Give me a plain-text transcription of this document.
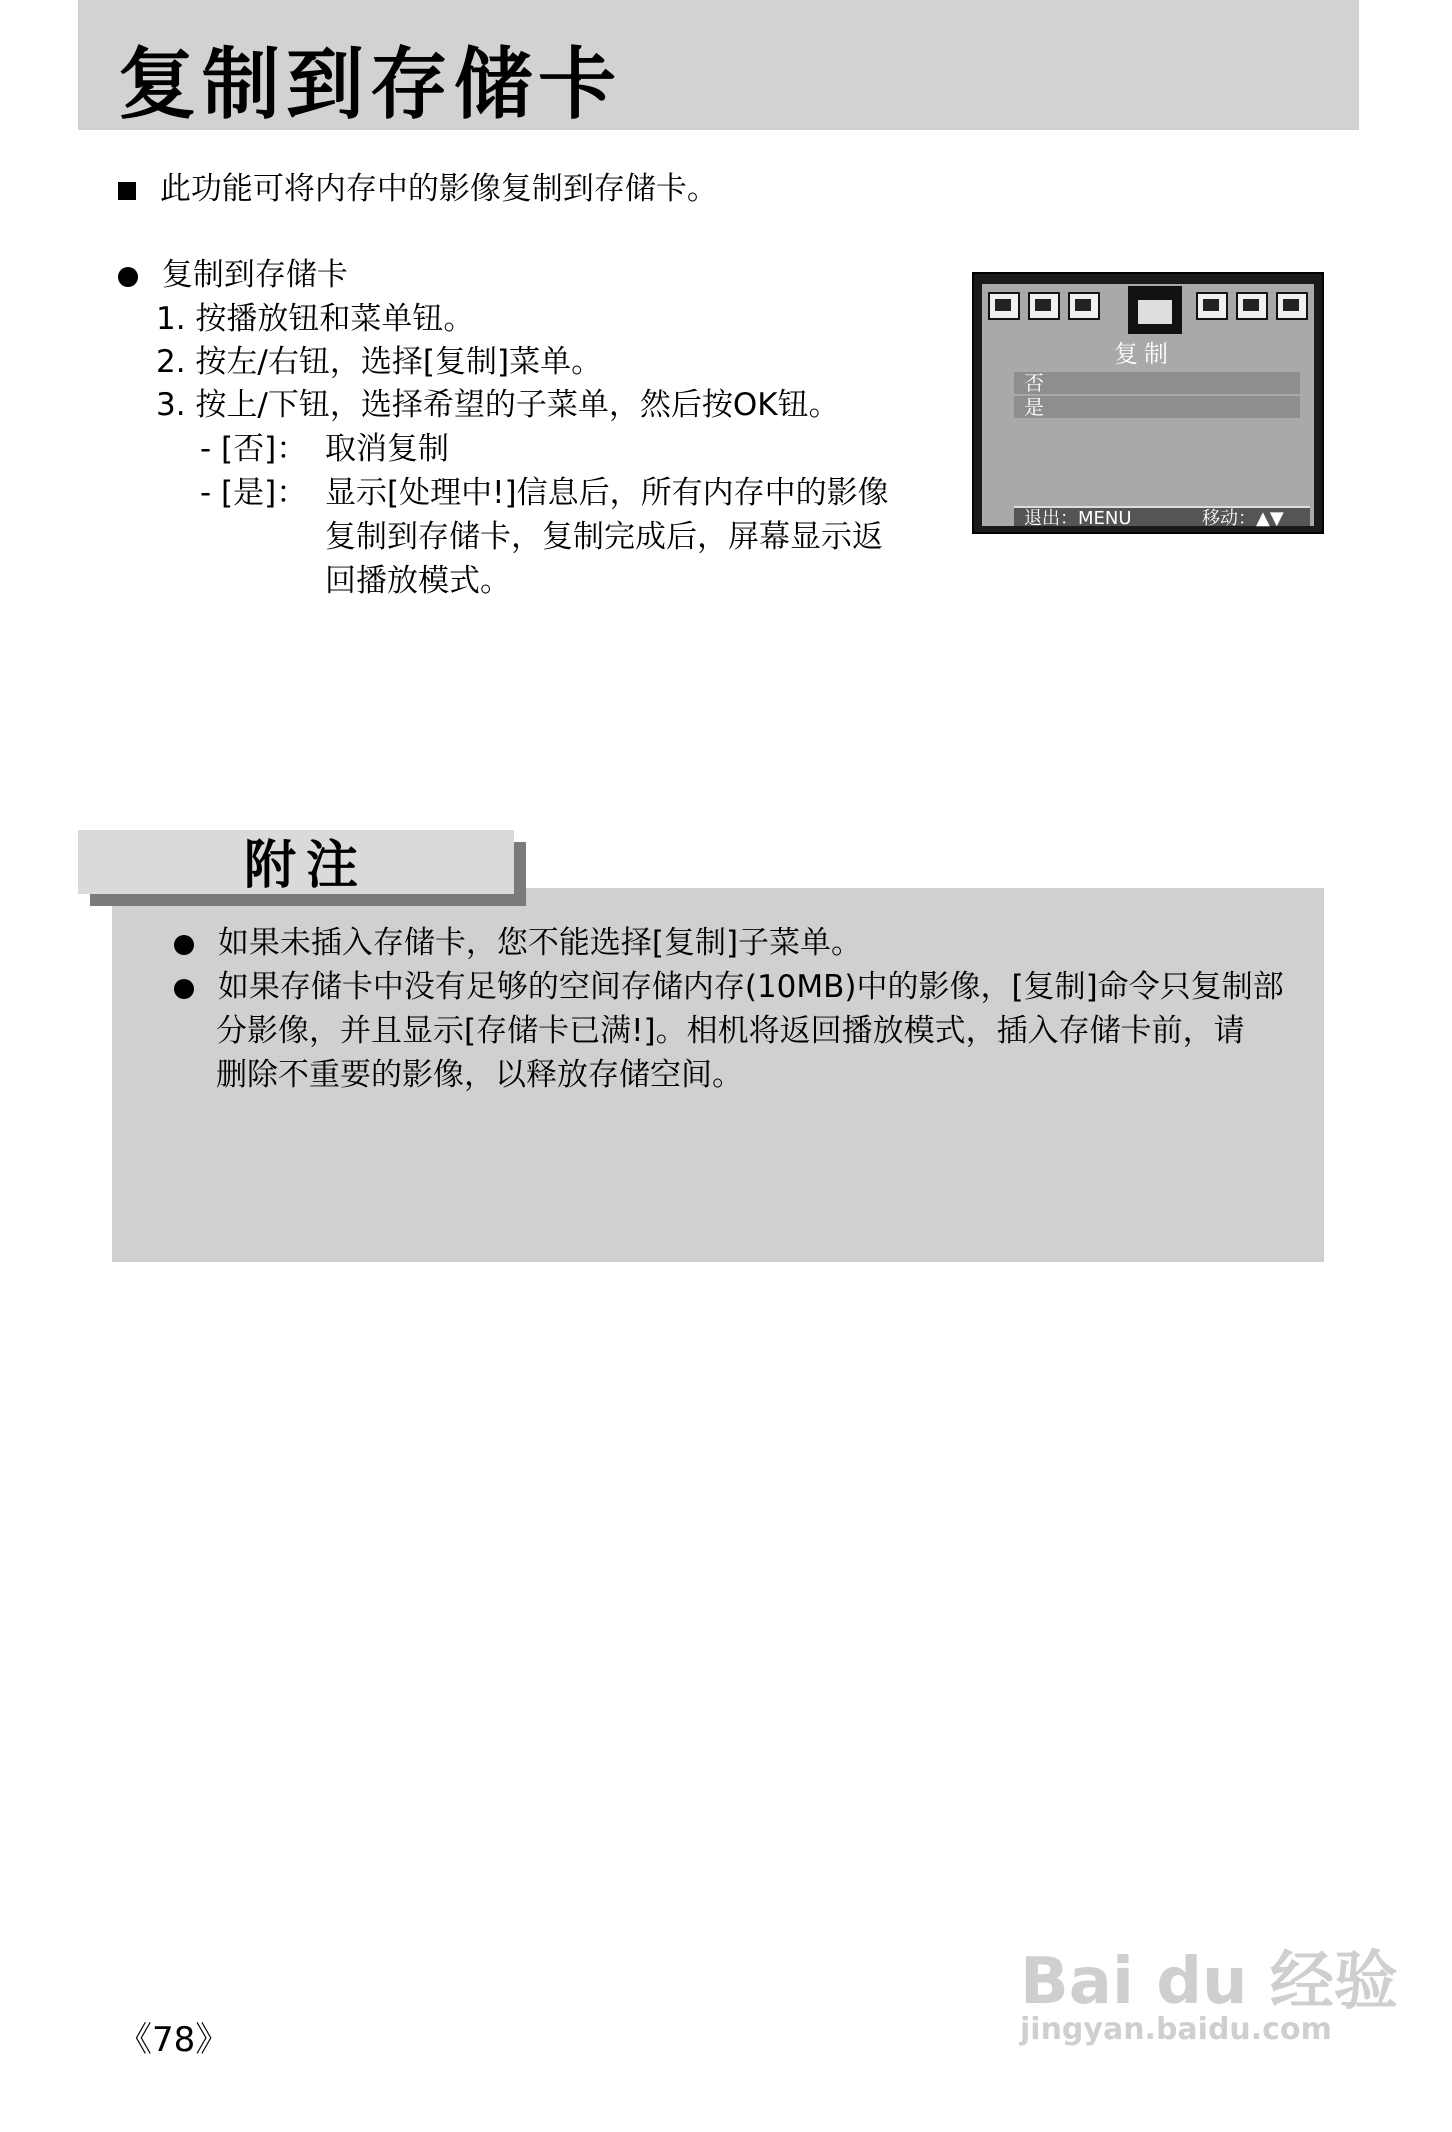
复制到存储卡
此功能可将内存中的影像复制到存储卡。
复制到存储卡
1. 按播放钮和菜单钮。
2. 按左/右钮，选择[复制]菜单。
3. 按上/下钮，选择希望的子菜单，然后按OK钮。
- [否]： 取消复制
- [是]： 显示[处理中!]信息后，所有内存中的影像
复制到存储卡，复制完成后，屏幕显示返
回播放模式。
复制
否
是
退出：MENU	移动：▲▼
附注
如果未插入存储卡，您不能选择[复制]子菜单。
如果存储卡中没有足够的空间存储内存(10MB)中的影像，[复制]命令只复制部
分影像，并且显示[存储卡已满!]。相机将返回播放模式，插入存储卡前，请
删除不重要的影像，以释放存储空间。
《78》
Bai du 经验
jingyan.baidu.com
